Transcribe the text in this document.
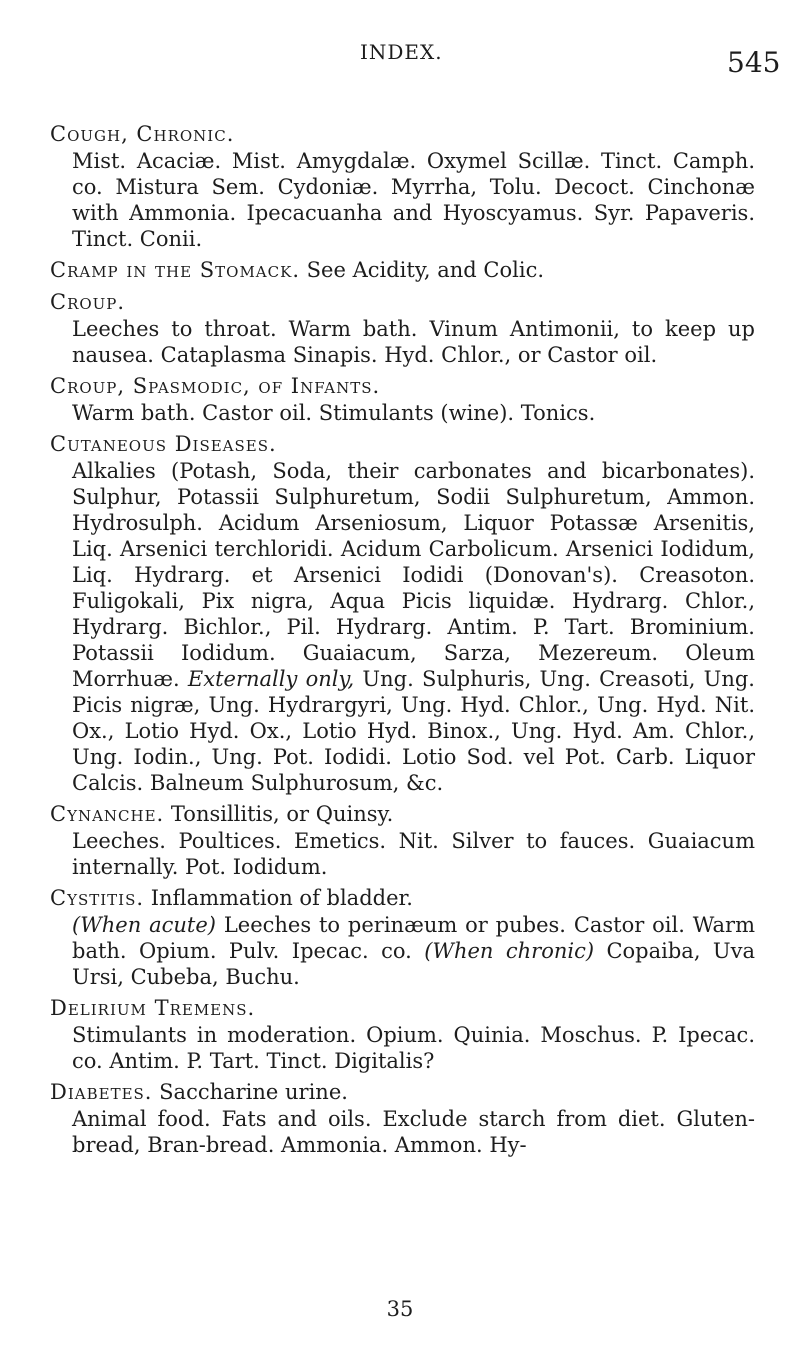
INDEX.	545

Cough, Chronic.

Mist. Acaciæ. Mist. Amygdalæ. Oxymel Scillæ. Tinct. Camph. co. Mistura Sem. Cydoniæ. Myrrha, Tolu. Decoct. Cinchonæ with Ammonia. Ipecacuanha and Hyoscyamus. Syr. Papaveris. Tinct. Conii.

Cramp in the Stomack. See Acidity, and Colic.

Croup.

Leeches to throat. Warm bath. Vinum Antimonii, to keep up nausea. Cataplasma Sinapis. Hyd. Chlor., or Castor oil.

Croup, Spasmodic, of Infants.

Warm bath. Castor oil. Stimulants (wine). Tonics.

Cutaneous Diseases.

Alkalies (Potash, Soda, their carbonates and bicarbonates). Sulphur, Potassii Sulphuretum, Sodii Sulphuretum, Ammon. Hydrosulph. Acidum Arseniosum, Liquor Potassæ Arsenitis, Liq. Arsenici terchloridi. Acidum Carbolicum. Arsenici Iodidum, Liq. Hydrarg. et Arsenici Iodidi (Donovan's). Creasoton. Fuligokali, Pix nigra, Aqua Picis liquidæ. Hydrarg. Chlor., Hydrarg. Bichlor., Pil. Hydrarg. Antim. P. Tart. Brominium. Potassii Iodidum. Guaiacum, Sarza, Mezereum. Oleum Morrhuæ. Externally only, Ung. Sulphuris, Ung. Creasoti, Ung. Picis nigræ, Ung. Hydrargyri, Ung. Hyd. Chlor., Ung. Hyd. Nit. Ox., Lotio Hyd. Ox., Lotio Hyd. Binox., Ung. Hyd. Am. Chlor., Ung. Iodin., Ung. Pot. Iodidi. Lotio Sod. vel Pot. Carb. Liquor Calcis. Balneum Sulphurosum, &c.

Cynanche. Tonsillitis, or Quinsy.

Leeches. Poultices. Emetics. Nit. Silver to fauces. Guaiacum internally. Pot. Iodidum.

Cystitis. Inflammation of bladder.

(When acute) Leeches to perinæum or pubes. Castor oil. Warm bath. Opium. Pulv. Ipecac. co. (When chronic) Copaiba, Uva Ursi, Cubeba, Buchu.

Delirium Tremens.

Stimulants in moderation. Opium. Quinia. Moschus. P. Ipecac. co. Antim. P. Tart. Tinct. Digitalis?

Diabetes. Saccharine urine.

Animal food. Fats and oils. Exclude starch from diet. Gluten-bread, Bran-bread. Ammonia. Ammon. Hy-

35
